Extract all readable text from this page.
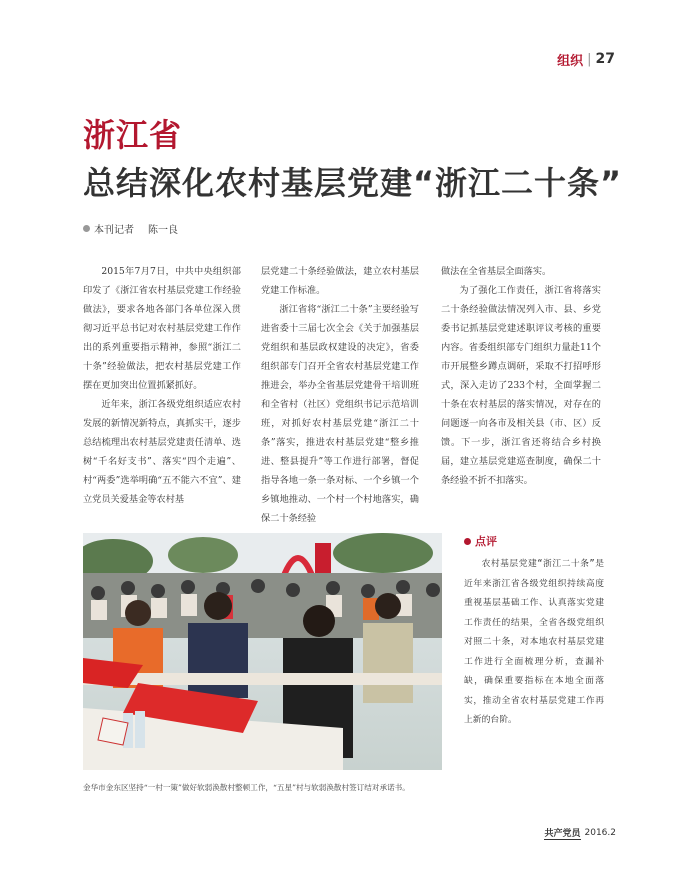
组织 | 27
浙江省
总结深化农村基层党建“浙江二十条”
本刊记者 陈一良

2015年7月7日，中共中央组织部印发了《浙江省农村基层党建工作经验做法》，要求各地各部门各单位深入贯彻习近平总书记对农村基层党建工作作出的系列重要指示精神，参照“浙江二十条”经验做法，把农村基层党建工作摆在更加突出位置抓紧抓好。

近年来，浙江各级党组织适应农村发展的新情况新特点，真抓实干，逐步总结梳理出农村基层党建责任清单、选树“千名好支书”、落实“四个走遍”、村“两委”选举明确“五不能六不宜”、建立党员关爱基金等农村基

层党建二十条经验做法，建立农村基层党建工作标准。

浙江省将“浙江二十条”主要经验写进省委十三届七次全会《关于加强基层党组织和基层政权建设的决定》，省委组织部专门召开全省农村基层党建工作推进会，举办全省基层党建骨干培训班和全省村（社区）党组织书记示范培训班，对抓好农村基层党建“浙江二十条”落实，推进农村基层党建“整乡推进、整县提升”等工作进行部署，督促指导各地一条一条对标、一个乡镇一个乡镇地推动、一个村一个村地落实，确保二十条经验

做法在全省基层全面落实。

为了强化工作责任，浙江省将落实二十条经验做法情况列入市、县、乡党委书记抓基层党建述职评议考核的重要内容。省委组织部专门组织力量赴11个市开展整乡蹲点调研，采取不打招呼形式，深入走访了233个村，全面掌握二十条在农村基层的落实情况，对存在的问题逐一向各市及相关县（市、区）反馈。下一步，浙江省还将结合乡村换届，建立基层党建巡查制度，确保二十条经验不折不扣落实。

金华市金东区坚持“一村一策”做好软弱涣散村整顿工作，“五星”村与软弱涣散村签订结对承诺书。
点评
农村基层党建“浙江二十条”是近年来浙江省各级党组织持续高度重视基层基础工作、认真落实党建工作责任的结果，全省各级党组织对照二十条，对本地农村基层党建工作进行全面梳理分析，查漏补缺，确保重要指标在本地全面落实，推动全省农村基层党建工作再上新的台阶。
共产党员 2016.2
